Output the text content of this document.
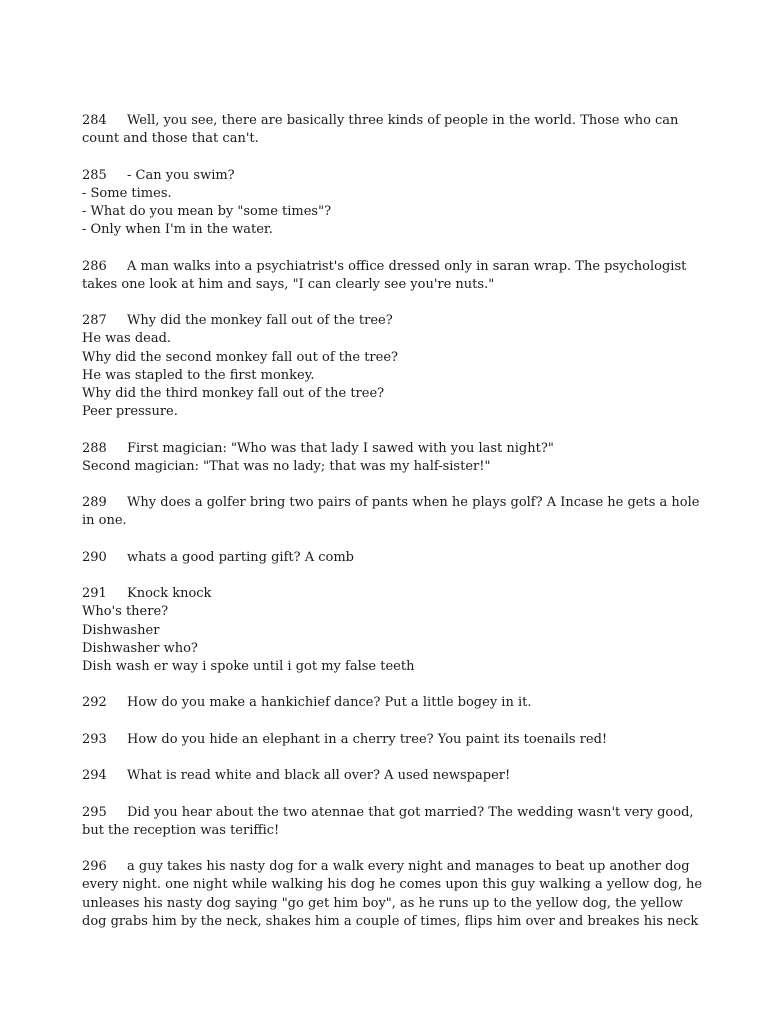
284 Well, you see, there are basically three kinds of people in the world. Those who can
count and those that can't.
285 - Can you swim?
- Some times.
- What do you mean by "some times"?
- Only when I'm in the water.
286 A man walks into a psychiatrist's office dressed only in saran wrap. The psychologist
takes one look at him and says, "I can clearly see you're nuts."
287 Why did the monkey fall out of the tree?
He was dead.
Why did the second monkey fall out of the tree?
He was stapled to the first monkey.
Why did the third monkey fall out of the tree?
Peer pressure.
288 First magician: "Who was that lady I sawed with you last night?"
Second magician: "That was no lady; that was my half-sister!"
289 Why does a golfer bring two pairs of pants when he plays golf? A Incase he gets a hole
in one.
290 whats a good parting gift? A comb
291 Knock knock
Who's there?
Dishwasher
Dishwasher who?
Dish wash er way i spoke until i got my false teeth
292 How do you make a hankichief dance? Put a little bogey in it.
293 How do you hide an elephant in a cherry tree? You paint its toenails red!
294 What is read white and black all over? A used newspaper!
295 Did you hear about the two atennae that got married? The wedding wasn't very good,
but the reception was teriffic!
296 a guy takes his nasty dog for a walk every night and manages to beat up another dog
every night. one night while walking his dog he comes upon this guy walking a yellow dog, he
unleases his nasty dog saying "go get him boy", as he runs up to the yellow dog, the yellow
dog grabs him by the neck, shakes him a couple of times, flips him over and breakes his neck
